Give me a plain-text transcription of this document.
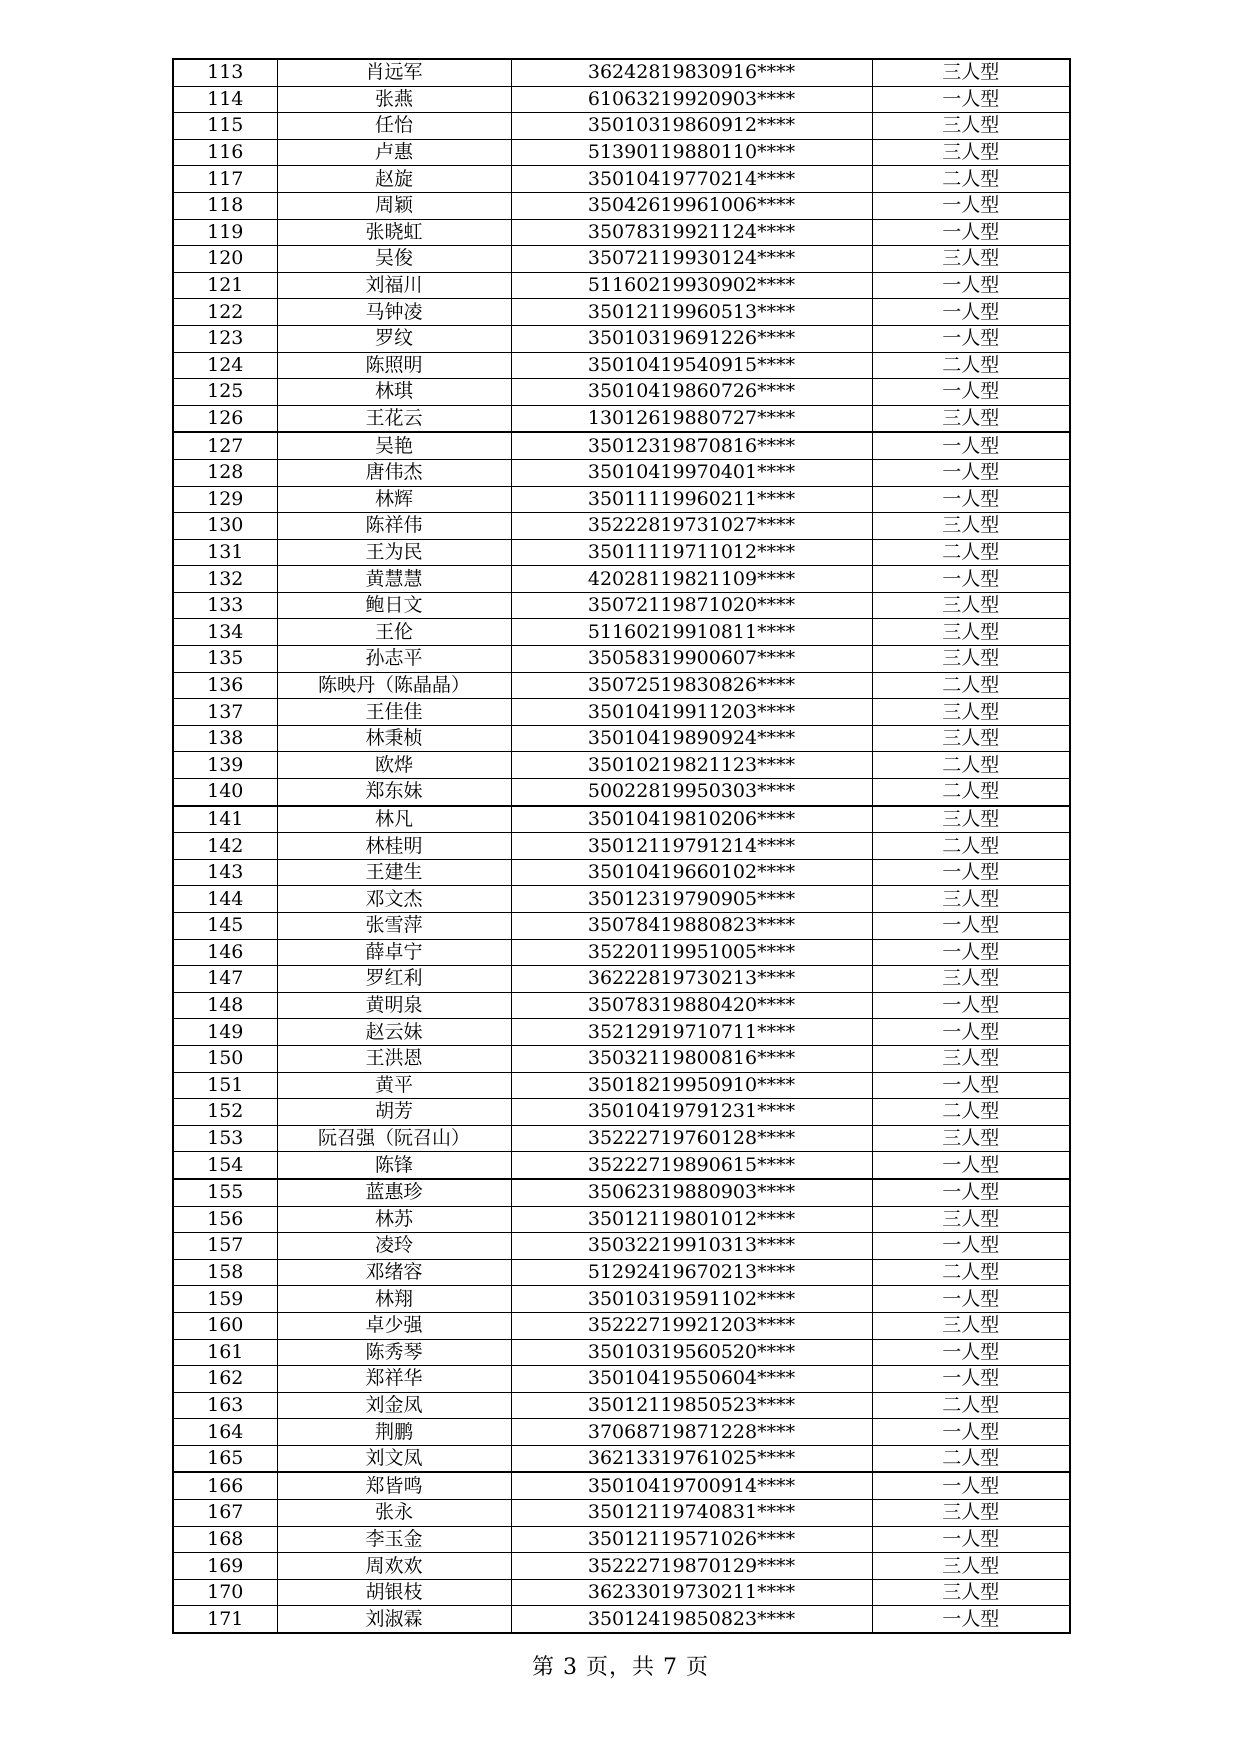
113	肖远军	36242819830916****	三人型
114	张燕	61063219920903****	一人型
115	任怡	35010319860912****	三人型
116	卢惠	51390119880110****	三人型
117	赵旋	35010419770214****	二人型
118	周颖	35042619961006****	一人型
119	张晓虹	35078319921124****	一人型
120	吴俊	35072119930124****	三人型
121	刘福川	51160219930902****	一人型
122	马钟凌	35012119960513****	一人型
123	罗纹	35010319691226****	一人型
124	陈照明	35010419540915****	二人型
125	林琪	35010419860726****	一人型
126	王花云	13012619880727****	三人型
127	吴艳	35012319870816****	一人型
128	唐伟杰	35010419970401****	一人型
129	林辉	35011119960211****	一人型
130	陈祥伟	35222819731027****	三人型
131	王为民	35011119711012****	二人型
132	黄慧慧	42028119821109****	一人型
133	鲍日文	35072119871020****	三人型
134	王伦	51160219910811****	三人型
135	孙志平	35058319900607****	三人型
136	陈映丹（陈晶晶）	35072519830826****	二人型
137	王佳佳	35010419911203****	三人型
138	林秉桢	35010419890924****	三人型
139	欧烨	35010219821123****	二人型
140	郑东妹	50022819950303****	二人型
141	林凡	35010419810206****	三人型
142	林桂明	35012119791214****	二人型
143	王建生	35010419660102****	一人型
144	邓文杰	35012319790905****	三人型
145	张雪萍	35078419880823****	一人型
146	薛卓宁	35220119951005****	一人型
147	罗红利	36222819730213****	三人型
148	黄明泉	35078319880420****	一人型
149	赵云妹	35212919710711****	一人型
150	王洪恩	35032119800816****	三人型
151	黄平	35018219950910****	一人型
152	胡芳	35010419791231****	二人型
153	阮召强（阮召山）	35222719760128****	三人型
154	陈锋	35222719890615****	一人型
155	蓝惠珍	35062319880903****	一人型
156	林苏	35012119801012****	三人型
157	凌玲	35032219910313****	一人型
158	邓绪容	51292419670213****	二人型
159	林翔	35010319591102****	一人型
160	卓少强	35222719921203****	三人型
161	陈秀琴	35010319560520****	一人型
162	郑祥华	35010419550604****	一人型
163	刘金凤	35012119850523****	二人型
164	荆鹏	37068719871228****	一人型
165	刘文凤	36213319761025****	二人型
166	郑皆鸣	35010419700914****	一人型
167	张永	35012119740831****	三人型
168	李玉金	35012119571026****	一人型
169	周欢欢	35222719870129****	三人型
170	胡银枝	36233019730211****	三人型
171	刘淑霖	35012419850823****	一人型
第 3 页，共 7 页
